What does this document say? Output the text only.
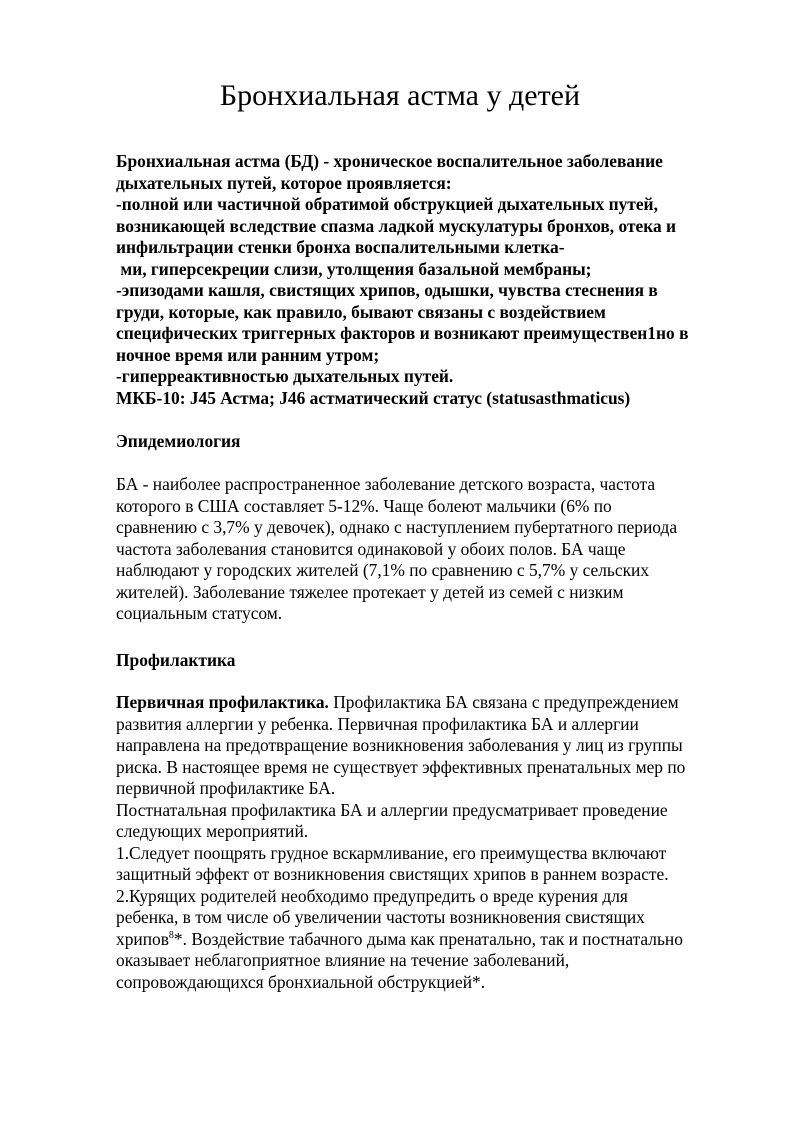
Бронхиальная астма у детей
Бронхиальная астма (БД) - хроническое воспалительное заболевание
дыхательных путей, которое проявляется:
-полной или частичной обратимой обструкцией дыхательных путей,
возникающей вследствие спазма ладкой мускулатуры бронхов, отека и
инфильтрации стенки бронха воспалительными клетка-
ми, гиперсекреции слизи, утолщения базальной мембраны;
-эпизодами кашля, свистящих хрипов, одышки, чувства стеснения в
груди, которые, как правило, бывают связаны с воздействием
специфических триггерных факторов и возникают преимуществен1но в
ночное время или ранним утром;
-гиперреактивностью дыхательных путей.
МКБ-10: J45 Астма; J46 астматический статус (statusasthmaticus)
Эпидемиология
БА - наиболее распространенное заболевание детского возраста, частота
которого в США составляет 5-12%. Чаще болеют мальчики (6% по
сравнению с 3,7% у девочек), однако с наступлением пубертатного периода
частота заболевания становится одинаковой у обоих полов. БА чаще
наблюдают у городских жителей (7,1% по сравнению с 5,7% у сельских
жителей). Заболевание тяжелее протекает у детей из семей с низким
социальным статусом.
Профилактика
Первичная профилактика. Профилактика БА связана с предупреждением
развития аллергии у ребенка. Первичная профилактика БА и аллергии
направлена на предотвращение возникновения заболевания у лиц из группы
риска. В настоящее время не существует эффективных пренатальных мер по
первичной профилактике БА.
Постнатальная профилактика БА и аллергии предусматривает проведение
следующих мероприятий.
1.Следует поощрять грудное вскармливание, его преимущества включают
защитный эффект от возникновения свистящих хрипов в раннем возрасте.
2.Курящих родителей необходимо предупредить о вреде курения для
ребенка, в том числе об увеличении частоты возникновения свистящих
хрипов$^8$*. Воздействие табачного дыма как пренатально, так и постнатально
оказывает неблагоприятное влияние на течение заболеваний,
сопровождающихся бронхиальной обструкцией*.
